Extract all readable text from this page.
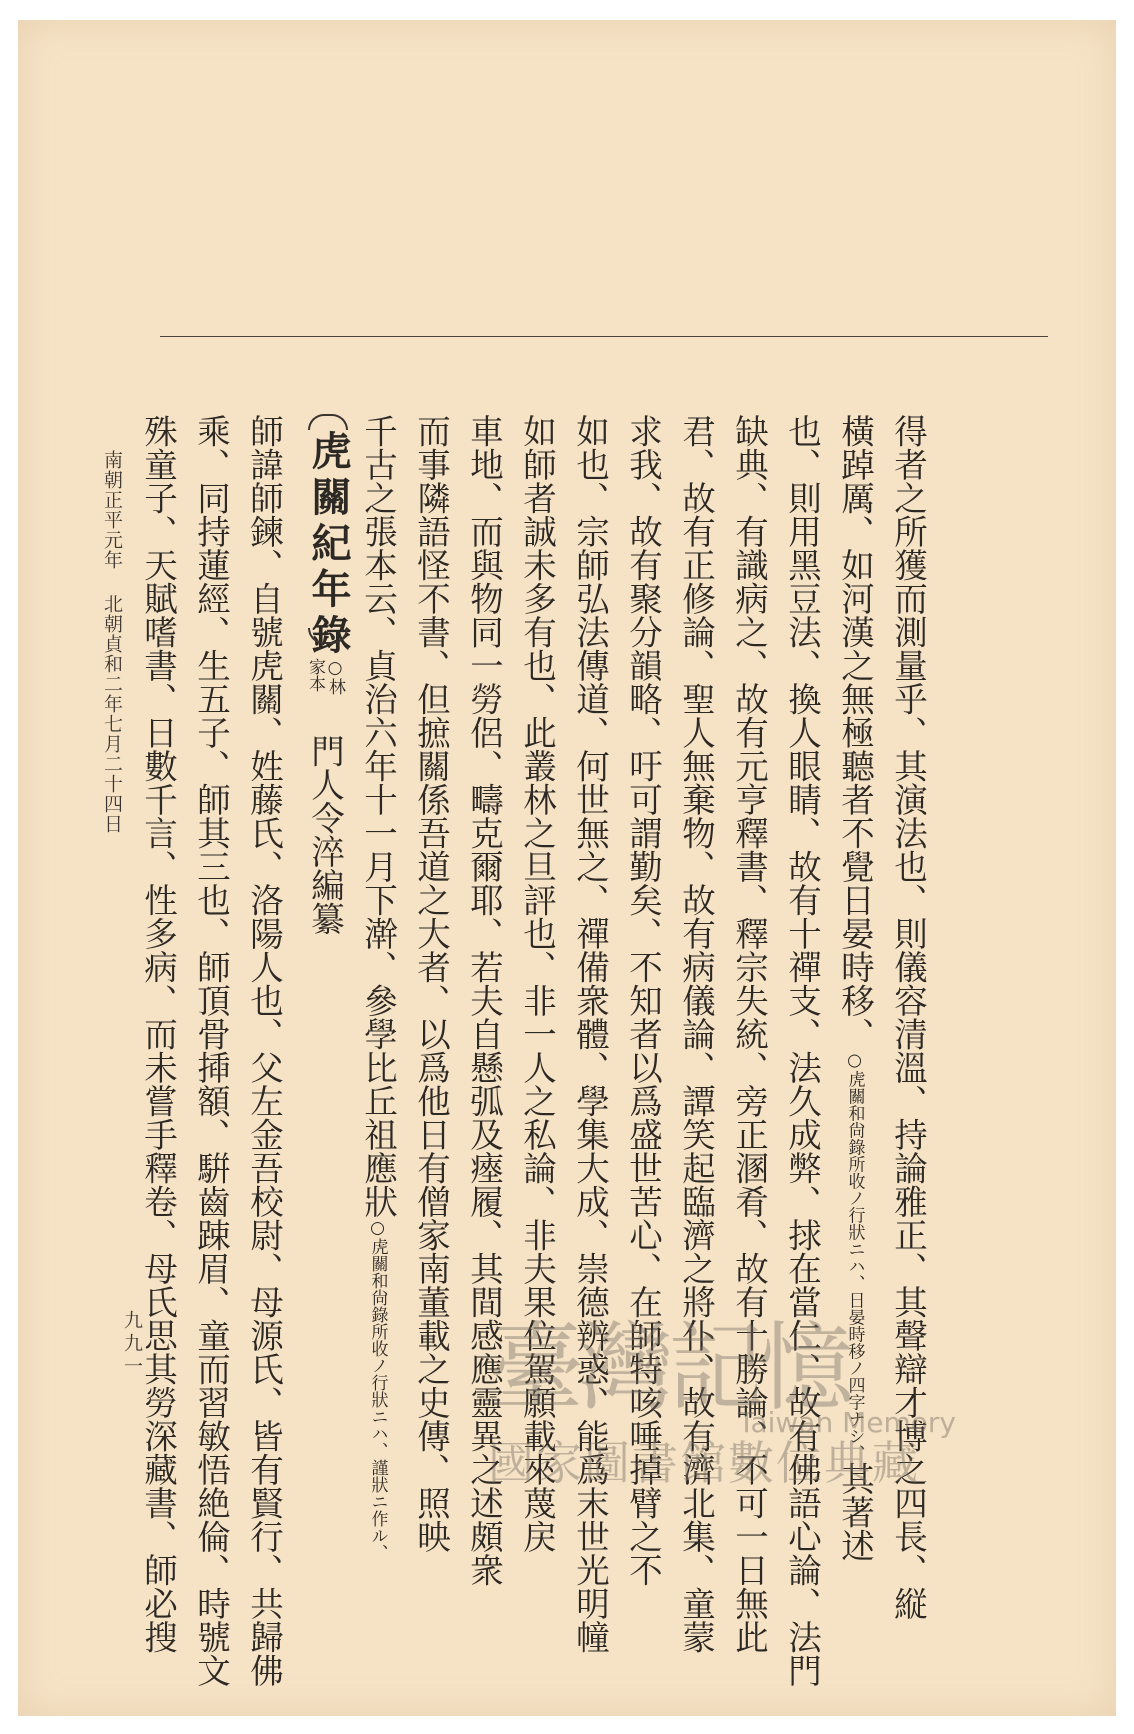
得者之所獲而測量乎、其演法也、則儀容清溫、持論雅正、其聲辯才博之四長、縦
橫踔厲、如河漢之無極聽者不覺日晏時移、○虎關和尙錄所收ノ行狀ニハ、日晏時移ノ四字ナシ、其著述
也、則用黑豆法、換人眼睛、故有十禪支、法久成弊、捄在當仁、故有佛語心論、法門
缺典、有識病之、故有元亨釋書、釋宗失統、旁正溷肴、故有十勝論、不可一日無此
君、故有正修論、聖人無棄物、故有病儀論、譚笑起臨濟之將仆、故有濟北集、童蒙
求我、故有聚分韻略、吁可謂勤矣、不知者以爲盛世苦心、在師特咳唾掉臂之不
如也、宗師弘法傳道、何世無之、禪備衆體、學集大成、崇德辨惑、能爲末世光明幢
如師者誠未多有也、此叢林之旦評也、非一人之私論、非夫果位駕願載來蔑戻
車地、而與物同一勞侶、疇克爾耶、若夫自懸弧及瘞履、其間感應靈異之述頗衆
而事隣語怪不書、但摭關係吾道之大者、以爲他日有僧家南董載之史傳、照映
千古之張本云、貞治六年十一月下澣、參學比丘祖應狀○虎關和尙錄所收ノ行狀ニハ、謹狀ニ作ル、
虎關紀年錄
○林
家本
門人令淬編纂
師諱師鍊、自號虎關、姓藤氏、洛陽人也、父左金吾校尉、母源氏、皆有賢行、共歸佛
乘、同持蓮經、生五子、師其三也、師頂骨揷額、騈齒踈眉、童而習敏悟絶倫、時號文
殊童子、天賦嗜書、日數千言、性多病、而未嘗手釋卷、母氏思其勞深藏書、師必搜
南朝正平元年北朝貞和二年七月二十四日
九九一	臺灣記憶
Taiwan Memory
國家圖書館數位典藏
